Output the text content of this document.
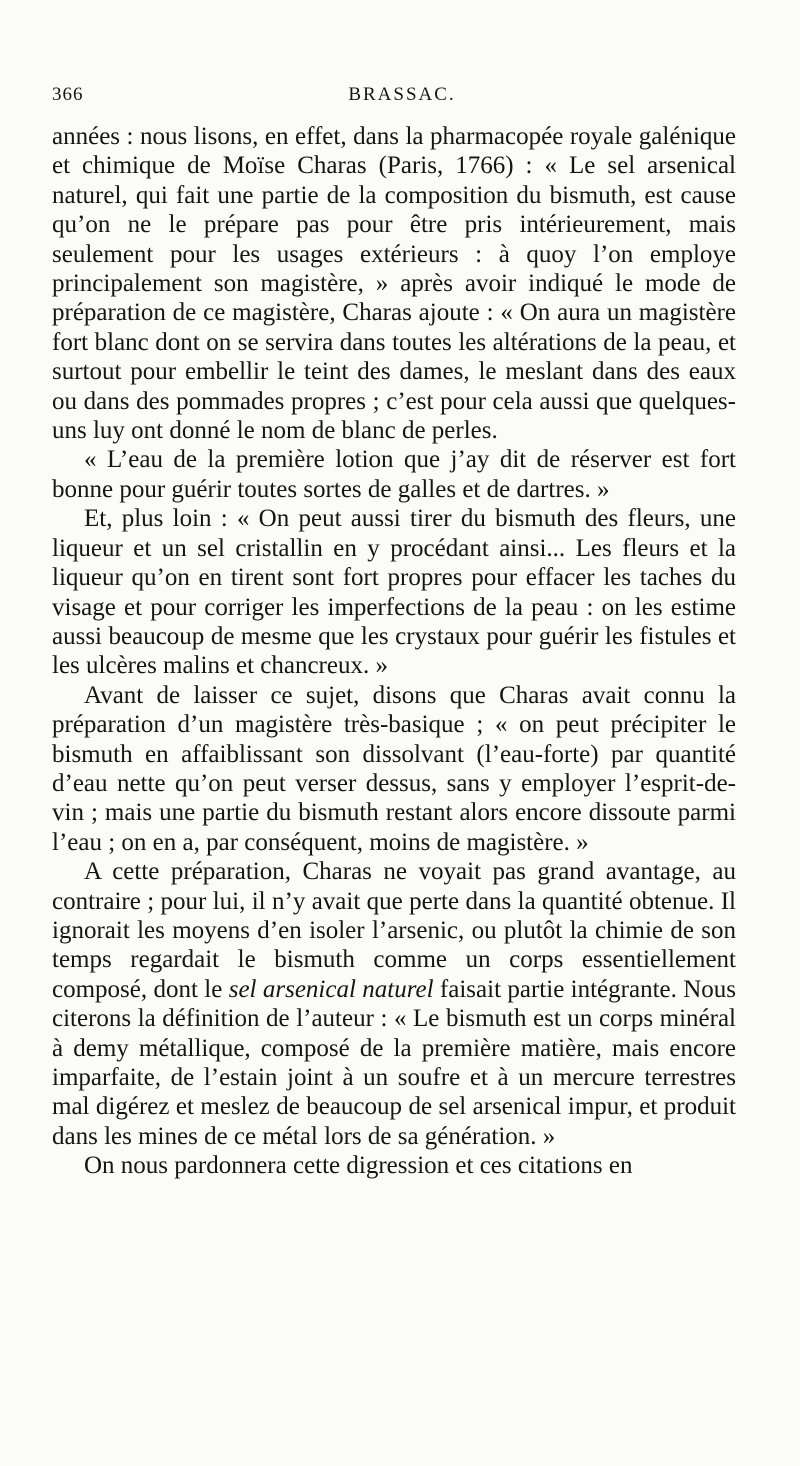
366	BRASSAC.

années : nous lisons, en effet, dans la pharmacopée royale galénique et chimique de Moïse Charas (Paris, 1766) : « Le sel arsenical naturel, qui fait une partie de la composition du bismuth, est cause qu’on ne le prépare pas pour être pris intérieurement, mais seulement pour les usages extérieurs : à quoy l’on employe principalement son magistère, » après avoir indiqué le mode de préparation de ce magistère, Charas ajoute : « On aura un magistère fort blanc dont on se servira dans toutes les altérations de la peau, et surtout pour embellir le teint des dames, le meslant dans des eaux ou dans des pommades propres ; c’est pour cela aussi que quelques-uns luy ont donné le nom de blanc de perles.

« L’eau de la première lotion que j’ay dit de réserver est fort bonne pour guérir toutes sortes de galles et de dartres. »

Et, plus loin : « On peut aussi tirer du bismuth des fleurs, une liqueur et un sel cristallin en y procédant ainsi... Les fleurs et la liqueur qu’on en tirent sont fort propres pour effacer les taches du visage et pour corriger les imperfections de la peau : on les estime aussi beaucoup de mesme que les crystaux pour guérir les fistules et les ulcères malins et chancreux. »

Avant de laisser ce sujet, disons que Charas avait connu la préparation d’un magistère très-basique ; « on peut précipiter le bismuth en affaiblissant son dissolvant (l’eau-forte) par quantité d’eau nette qu’on peut verser dessus, sans y employer l’esprit-de-vin ; mais une partie du bismuth restant alors encore dissoute parmi l’eau ; on en a, par conséquent, moins de magistère. »

A cette préparation, Charas ne voyait pas grand avantage, au contraire ; pour lui, il n’y avait que perte dans la quantité obtenue. Il ignorait les moyens d’en isoler l’arsenic, ou plutôt la chimie de son temps regardait le bismuth comme un corps essentiellement composé, dont le sel arsenical naturel faisait partie intégrante. Nous citerons la définition de l’auteur : « Le bismuth est un corps minéral à demy métallique, composé de la première matière, mais encore imparfaite, de l’estain joint à un soufre et à un mercure terrestres mal digérez et meslez de beaucoup de sel arsenical impur, et produit dans les mines de ce métal lors de sa génération. »

On nous pardonnera cette digression et ces citations en
